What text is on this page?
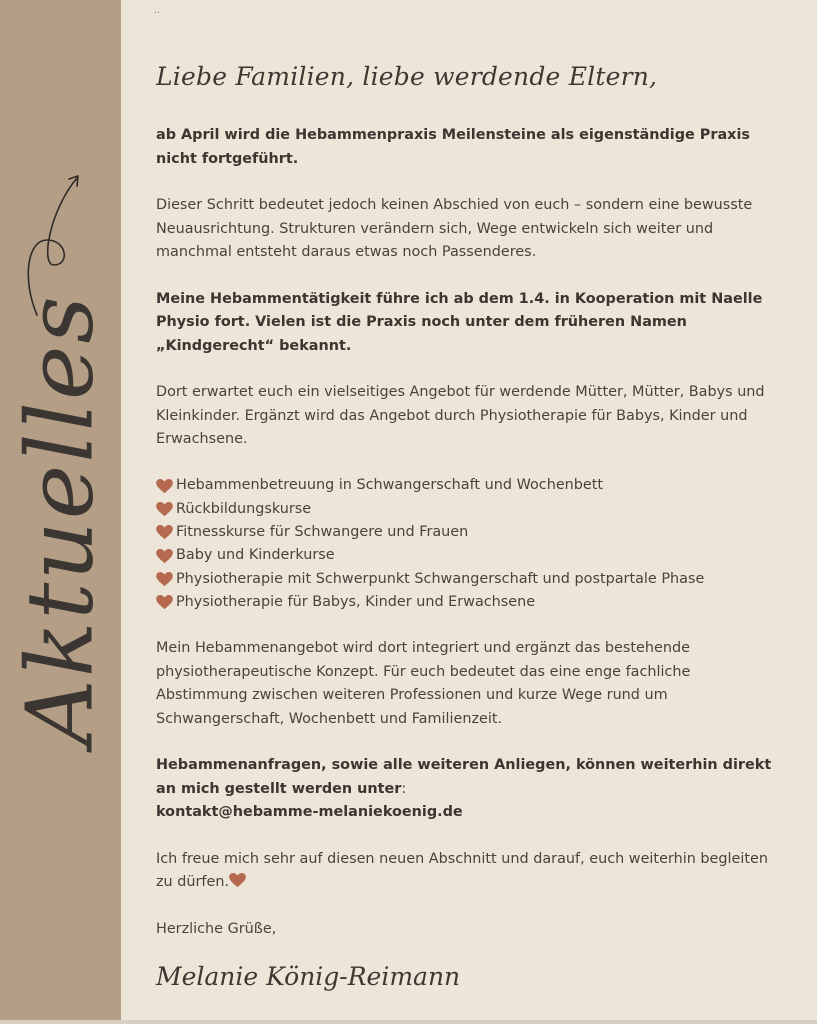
Aktuelles
··
Liebe Familien, liebe werdende Eltern,

ab April wird die Hebammenpraxis Meilensteine als eigenständige Praxis nicht fortgeführt.

Dieser Schritt bedeutet jedoch keinen Abschied von euch – sondern eine bewusste Neuausrichtung. Strukturen verändern sich, Wege entwickeln sich weiter und manchmal entsteht daraus etwas noch Passenderes.

Meine Hebammentätigkeit führe ich ab dem 1.4. in Kooperation mit Naelle Physio fort. Vielen ist die Praxis noch unter dem früheren Namen „Kindgerecht“ bekannt.

Dort erwartet euch ein vielseitiges Angebot für werdende Mütter, Mütter, Babys und Kleinkinder. Ergänzt wird das Angebot durch Physiotherapie für Babys, Kinder und Erwachsene.

Hebammenbetreuung in Schwangerschaft und Wochenbett
Rückbildungskurse
Fitnesskurse für Schwangere und Frauen
Baby und Kinderkurse
Physiotherapie mit Schwerpunkt Schwangerschaft und postpartale Phase
Physiotherapie für Babys, Kinder und Erwachsene

Mein Hebammenangebot wird dort integriert und ergänzt das bestehende physiotherapeutische Konzept. Für euch bedeutet das eine enge fachliche Abstimmung zwischen weiteren Professionen und kurze Wege rund um Schwangerschaft, Wochenbett und Familienzeit.

Hebammenanfragen, sowie alle weiteren Anliegen, können weiterhin direkt an mich gestellt werden unter:
kontakt@hebamme-melaniekoenig.de

Ich freue mich sehr auf diesen neuen Abschnitt und darauf, euch weiterhin begleiten zu dürfen.

Herzliche Grüße,

Melanie König-Reimann
